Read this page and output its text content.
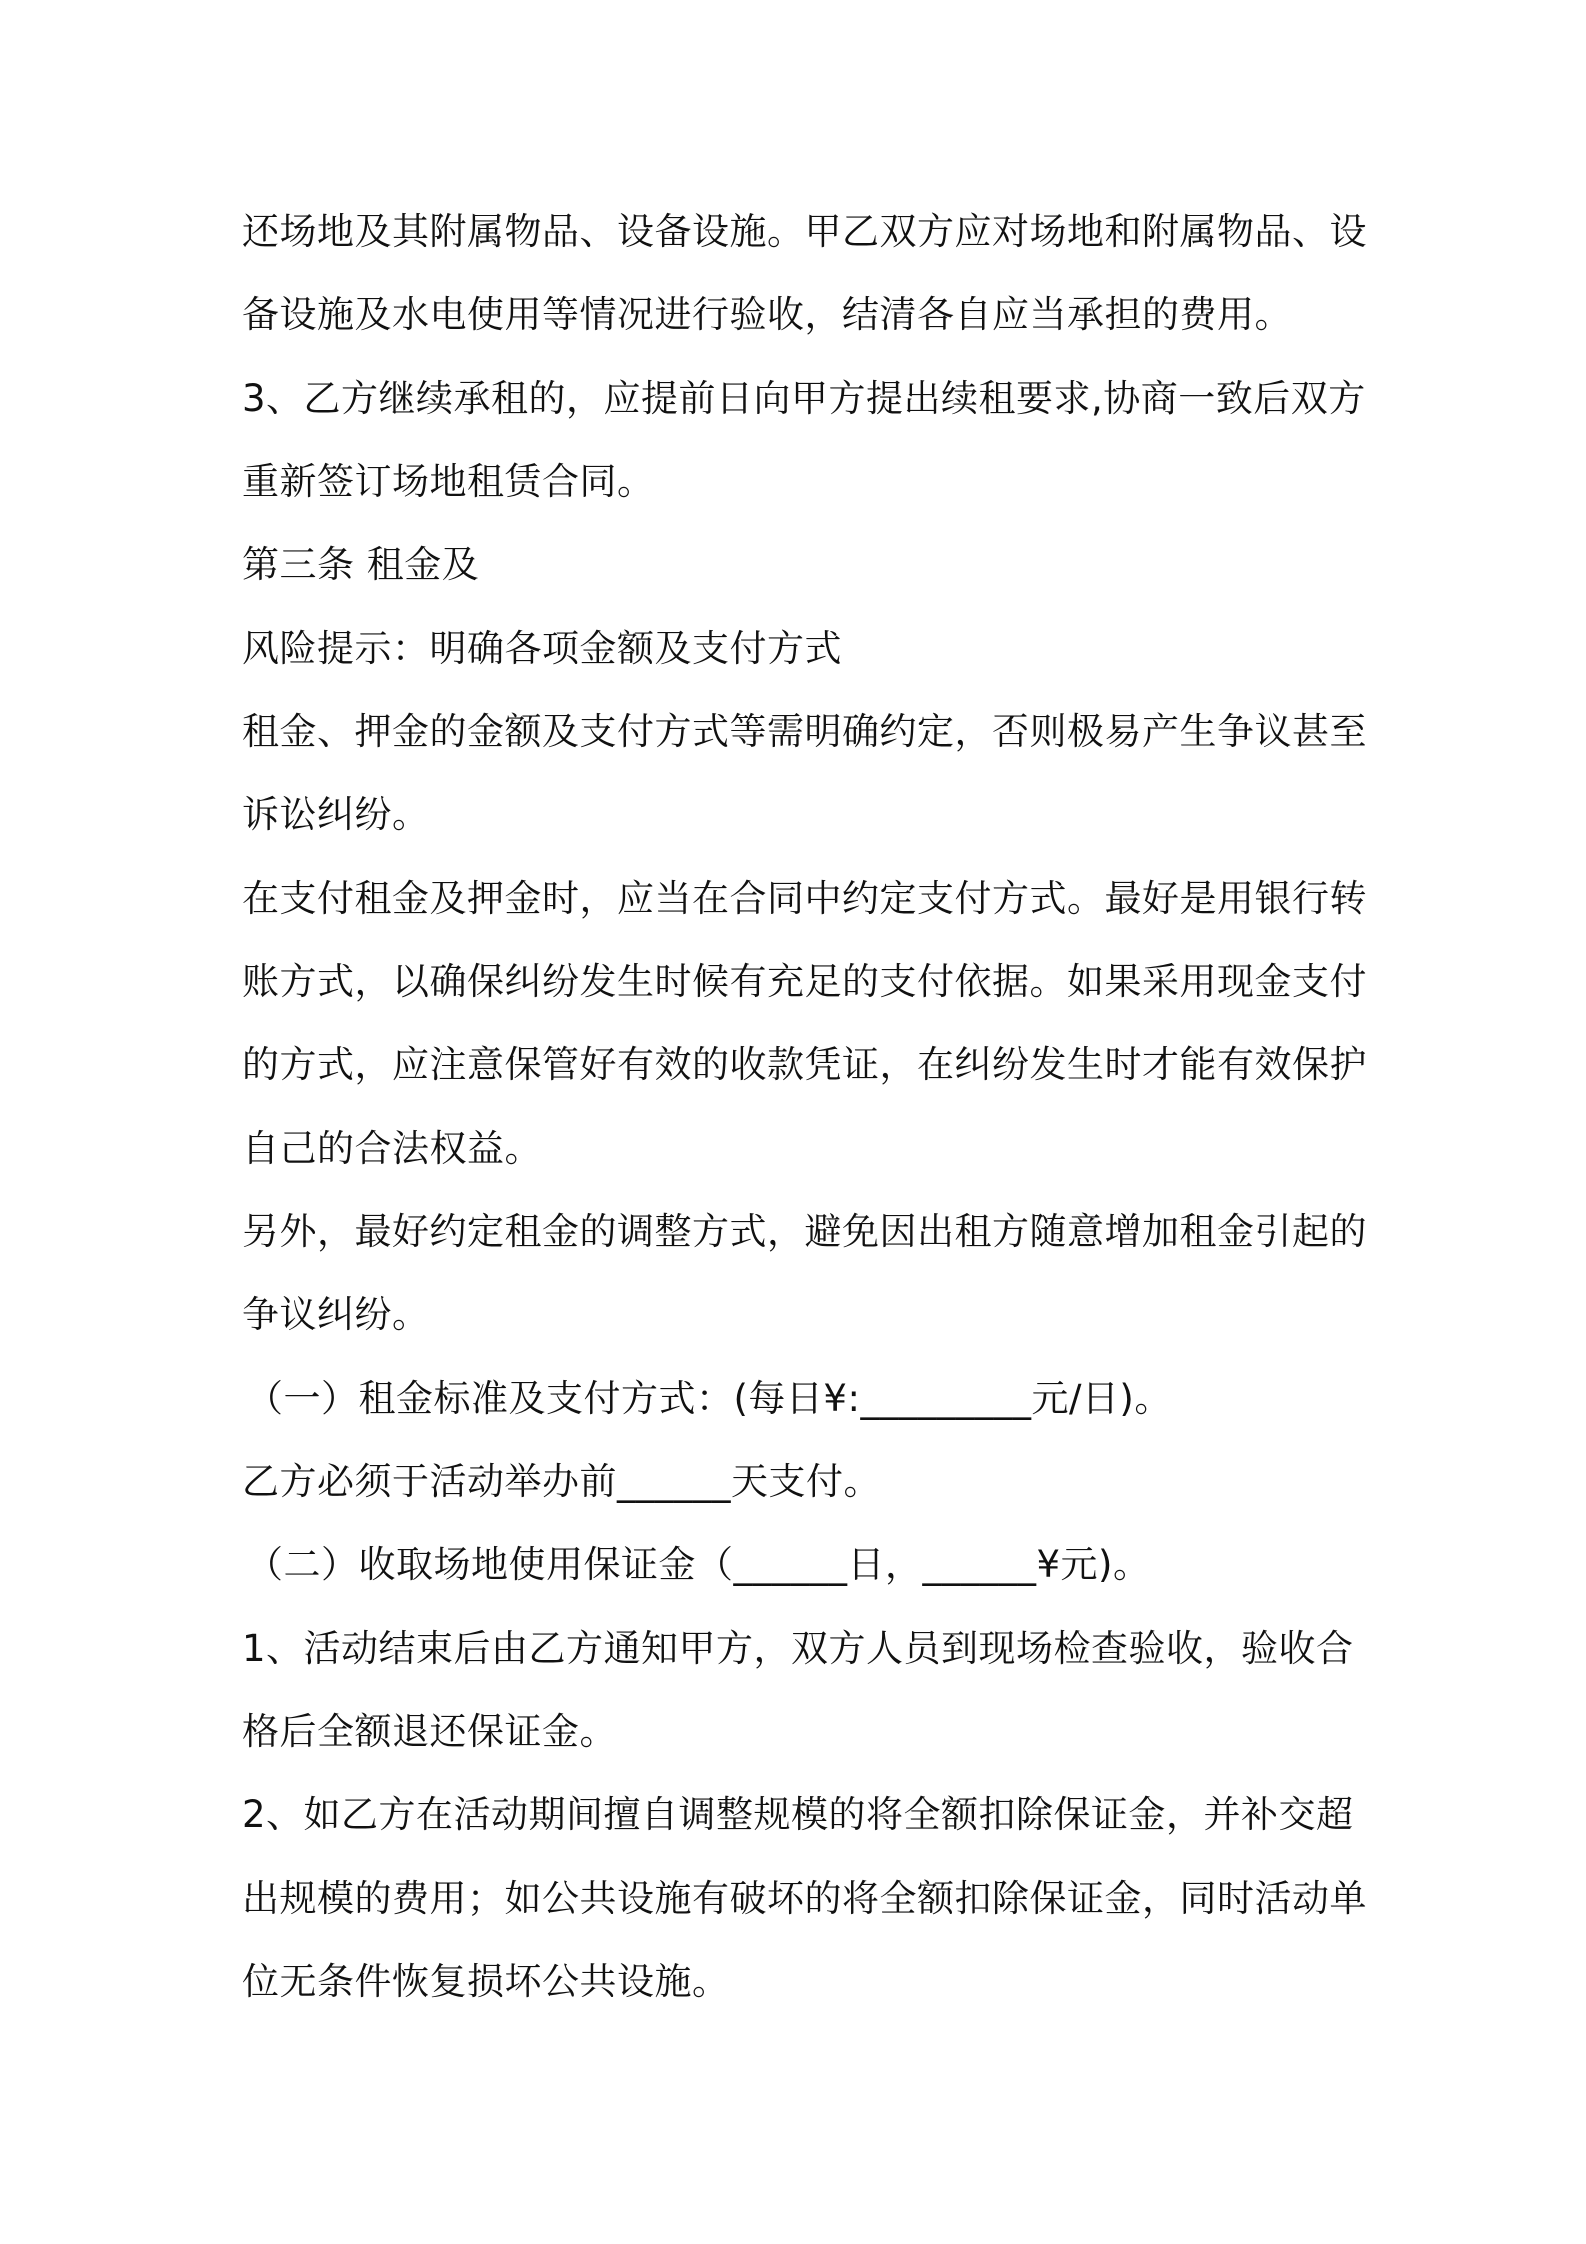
还场地及其附属物品、设备设施。甲乙双方应对场地和附属物品、设
备设施及水电使用等情况进行验收，结清各自应当承担的费用。
3、乙方继续承租的，应提前日向甲方提出续租要求,协商一致后双方
重新签订场地租赁合同。
第三条 租金及
风险提示：明确各项金额及支付方式
租金、押金的金额及支付方式等需明确约定，否则极易产生争议甚至
诉讼纠纷。
在支付租金及押金时，应当在合同中约定支付方式。最好是用银行转
账方式，以确保纠纷发生时候有充足的支付依据。如果采用现金支付
的方式，应注意保管好有效的收款凭证，在纠纷发生时才能有效保护
自己的合法权益。
另外，最好约定租金的调整方式，避免因出租方随意增加租金引起的
争议纠纷。
（一）租金标准及支付方式：(每日¥:_________元/日)。
乙方必须于活动举办前______天支付。
（二）收取场地使用保证金（______日，______¥元)。
1、活动结束后由乙方通知甲方，双方人员到现场检查验收，验收合
格后全额退还保证金。
2、如乙方在活动期间擅自调整规模的将全额扣除保证金，并补交超
出规模的费用；如公共设施有破坏的将全额扣除保证金，同时活动单
位无条件恢复损坏公共设施。
